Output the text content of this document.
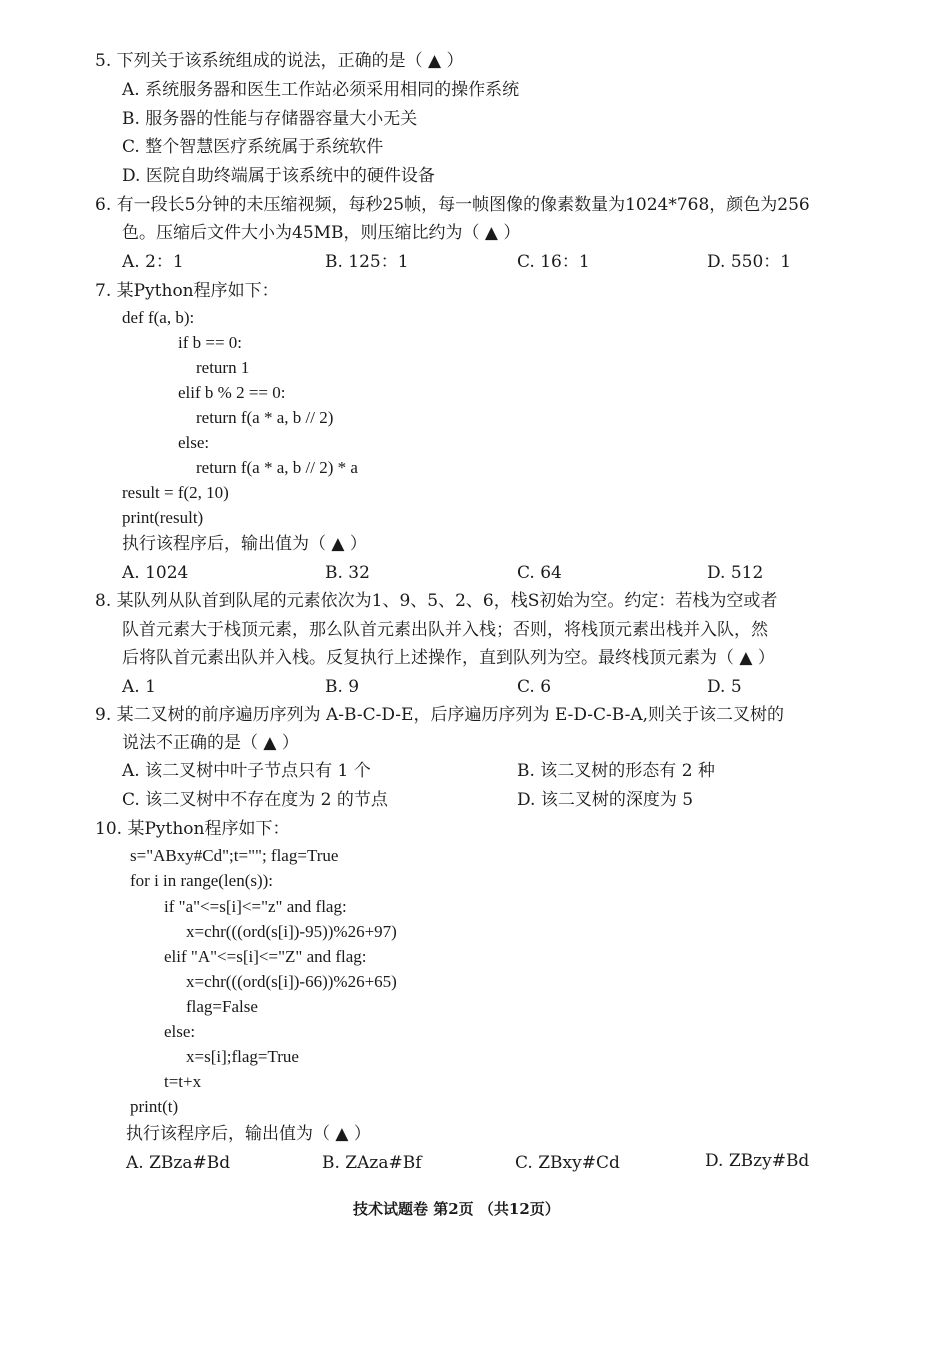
5. 下列关于该系统组成的说法，正确的是（ ▲ ）
A. 系统服务器和医生工作站必须采用相同的操作系统
B. 服务器的性能与存储器容量大小无关
C. 整个智慧医疗系统属于系统软件
D. 医院自助终端属于该系统中的硬件设备
6. 有一段长5分钟的未压缩视频，每秒25帧，每一帧图像的像素数量为1024*768，颜色为256
色。压缩后文件大小为45MB，则压缩比约为（ ▲ ）
A. 2：1	B. 125：1	C. 16：1	D. 550：1
7. 某Python程序如下：
def f(a, b):
if b == 0:
return 1
elif b % 2 == 0:
return f(a * a, b // 2)
else:
return f(a * a, b // 2) * a
result = f(2, 10)
print(result)
执行该程序后，输出值为（ ▲ ）
A. 1024	B. 32	C. 64	D. 512
8. 某队列从队首到队尾的元素依次为1、9、5、2、6，栈S初始为空。约定：若栈为空或者
队首元素大于栈顶元素，那么队首元素出队并入栈；否则，将栈顶元素出栈并入队，然
后将队首元素出队并入栈。反复执行上述操作，直到队列为空。最终栈顶元素为（ ▲ ）
A. 1	B. 9	C. 6	D. 5
9. 某二叉树的前序遍历序列为 A-B-C-D-E，后序遍历序列为 E-D-C-B-A,则关于该二叉树的
说法不正确的是（ ▲ ）
A. 该二叉树中叶子节点只有 1 个	B. 该二叉树的形态有 2 种
C. 该二叉树中不存在度为 2 的节点	D. 该二叉树的深度为 5
10. 某Python程序如下：
s="ABxy#Cd";t=""; flag=True
for i in range(len(s)):
if "a"<=s[i]<="z" and flag:
x=chr(((ord(s[i])-95))%26+97)
elif "A"<=s[i]<="Z" and flag:
x=chr(((ord(s[i])-66))%26+65)
flag=False
else:
x=s[i];flag=True
t=t+x
print(t)
执行该程序后，输出值为（ ▲ ）
A. ZBza#Bd	B. ZAza#Bf	C. ZBxy#Cd	D. ZBzy#Bd
技术试题卷 第2页 （共12页）
